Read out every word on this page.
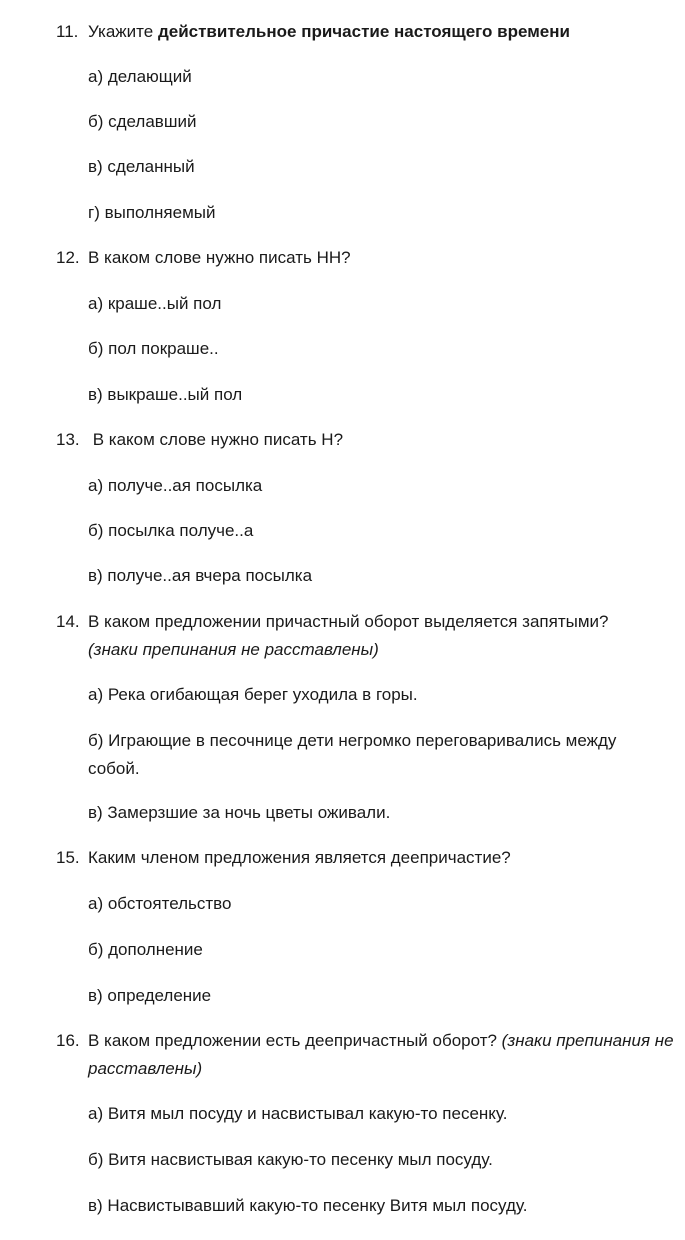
11. Укажите действительное причастие настоящего времени
а) делающий
б) сделавший
в) сделанный
г) выполняемый
12. В каком слове нужно писать НН?
а) краше..ый пол
б) пол покраше..
в) выкраше..ый пол
13. В каком слове нужно писать Н?
а) получе..ая посылка
б) посылка получе..а
в) получе..ая вчера посылка
14. В каком предложении причастный оборот выделяется запятыми?
(знаки препинания не расставлены)
а) Река огибающая берег уходила в горы.
б) Играющие в песочнице дети негромко переговаривались между собой.
в) Замерзшие за ночь цветы оживали.
15. Каким членом предложения является деепричастие?
а) обстоятельство
б) дополнение
в) определение
16. В каком предложении есть деепричастный оборот? (знаки препинания не расставлены)
а) Витя мыл посуду и насвистывал какую-то песенку.
б) Витя насвистывая какую-то песенку мыл посуду.
в) Насвистывавший какую-то песенку Витя мыл посуду.
